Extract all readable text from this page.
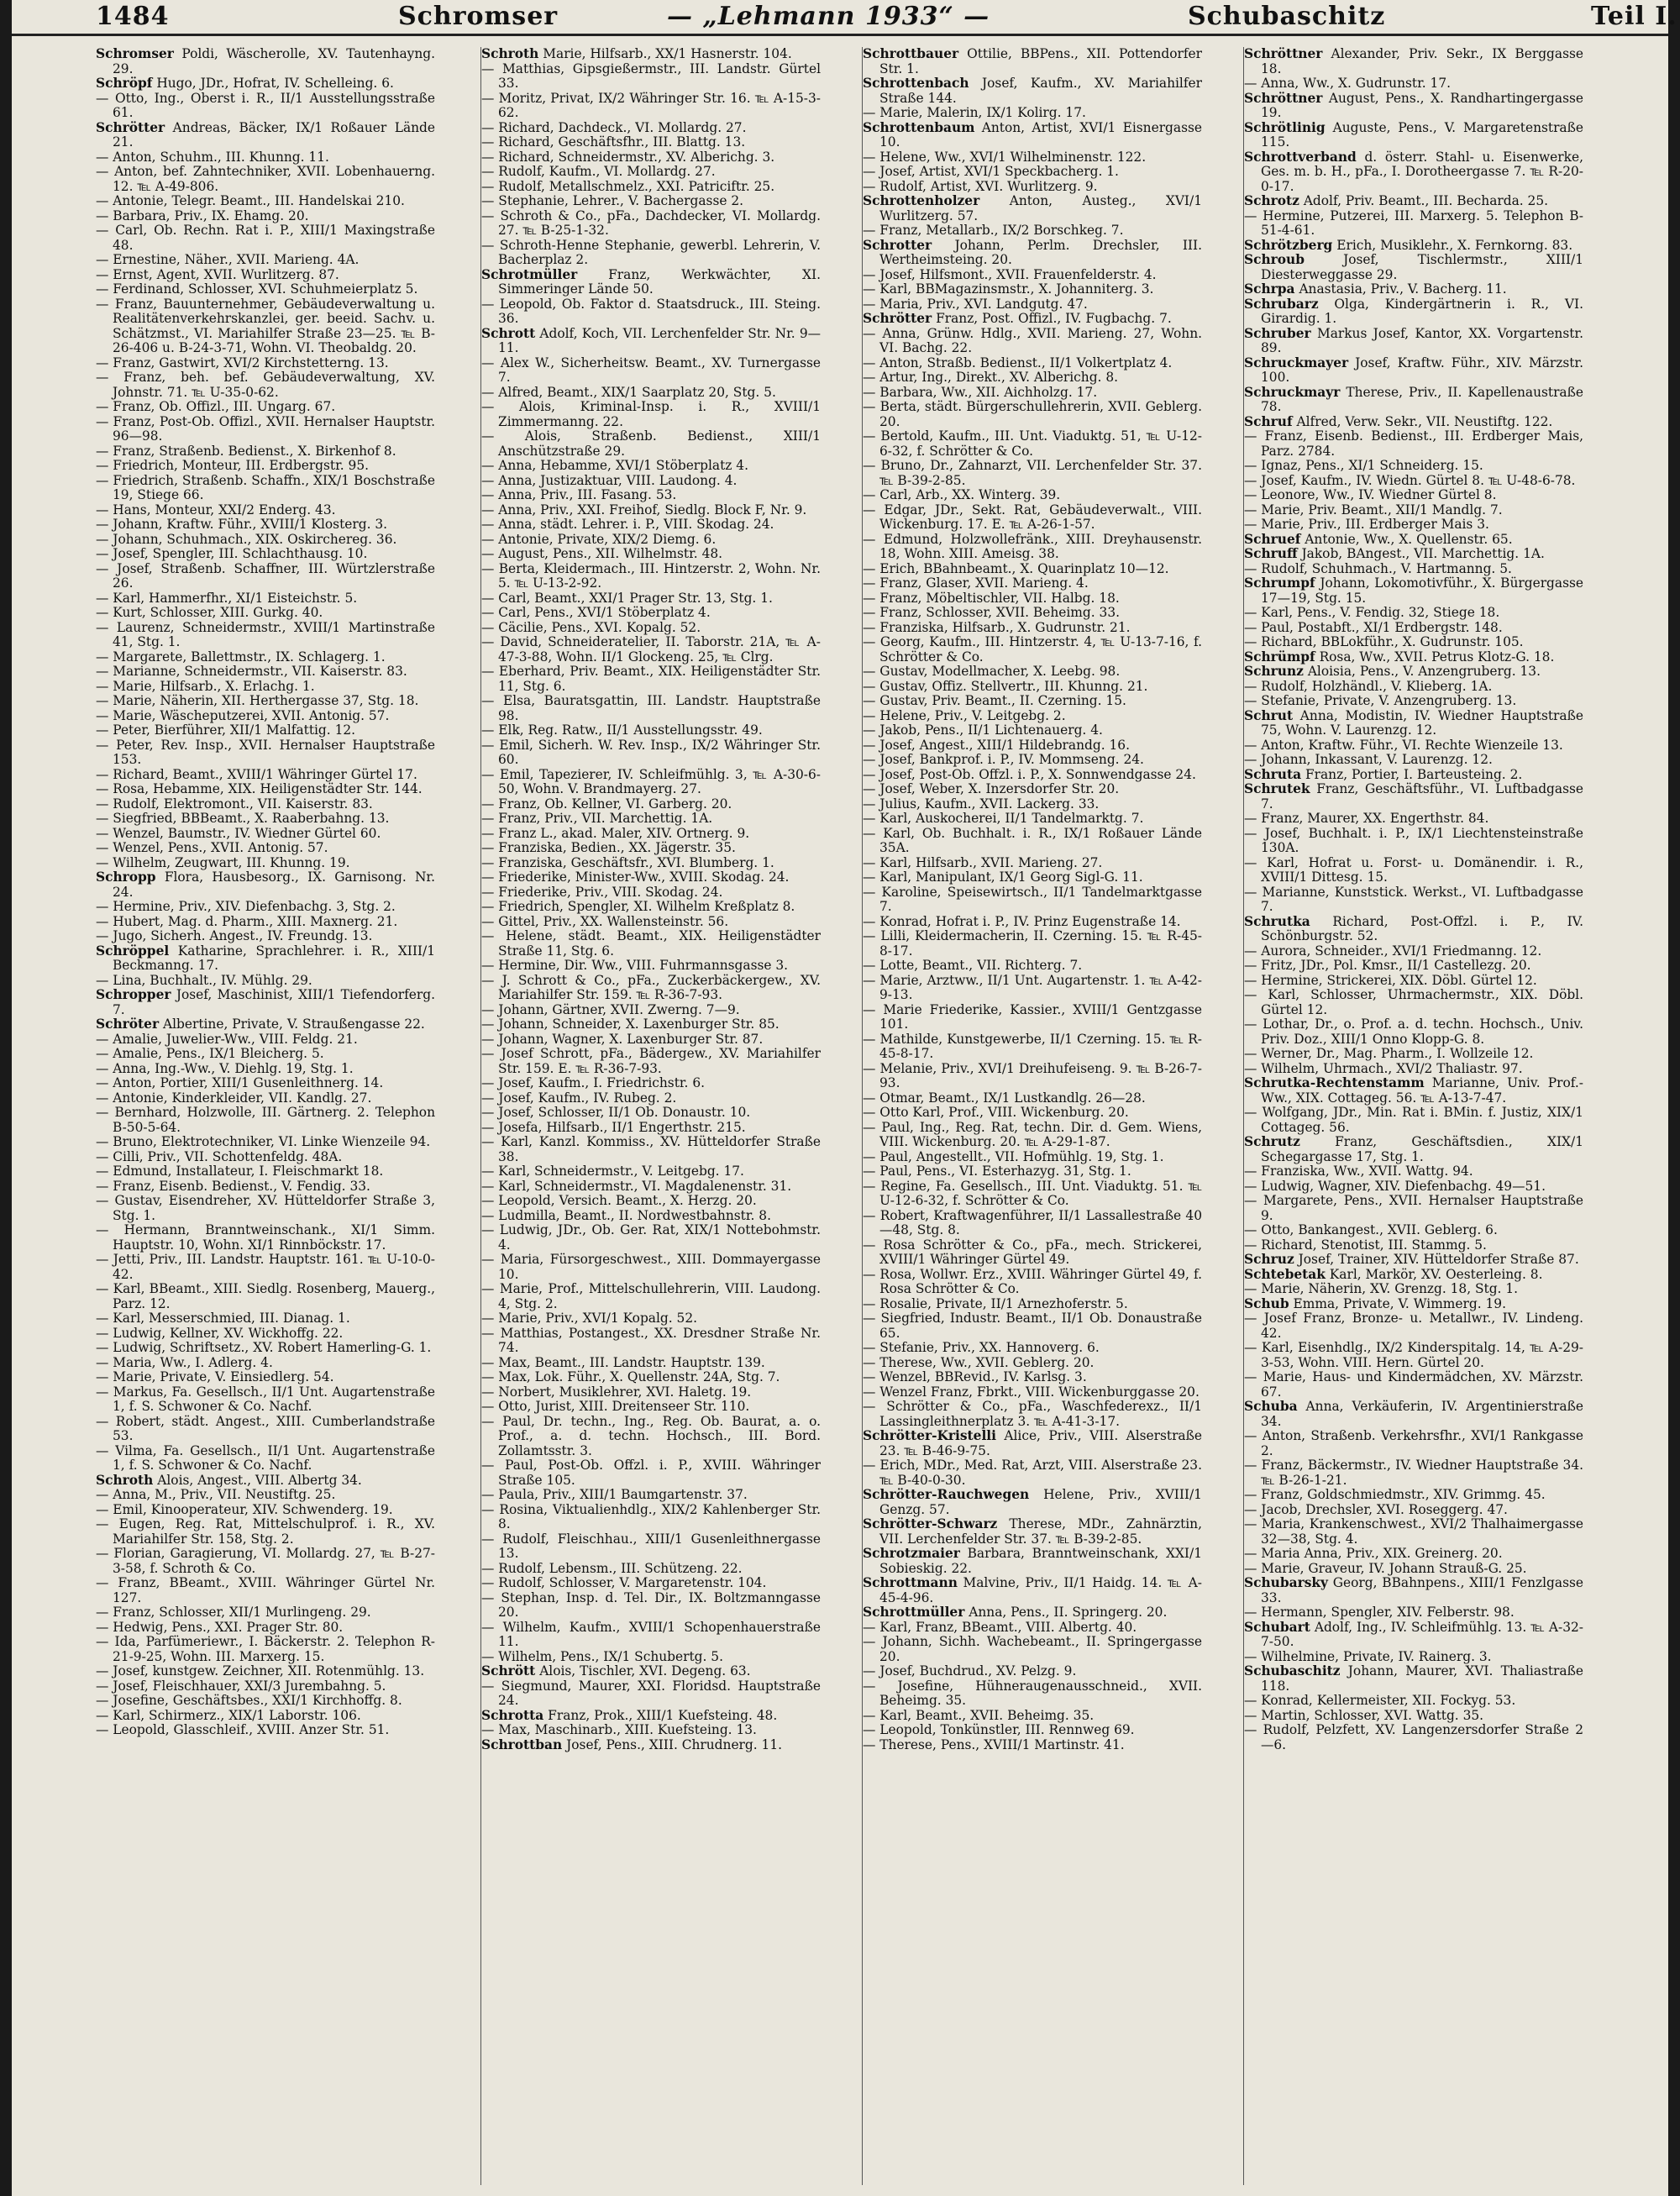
1484	Schromser	— „Lehmann 1933“ —	Schubaschitz	Teil I.
Schromser Poldi, Wäscherolle, XV. Tautenhayng. 29.
Schröpf Hugo, JDr., Hofrat, IV. Schelleing. 6.
— Otto, Ing., Oberst i. R., II/1 Ausstellungsstraße 61.
Schrötter Andreas, Bäcker, IX/1 Roßauer Lände 21.
— Anton, Schuhm., III. Khunng. 11.
— Anton, bef. Zahntechniker, XVII. Lobenhauerng. 12. ℡ A-49-806.
— Antonie, Telegr. Beamt., III. Handelskai 210.
— Barbara, Priv., IX. Ehamg. 20.
— Carl, Ob. Rechn. Rat i. P., XIII/1 Maxingstraße 48.
— Ernestine, Näher., XVII. Marieng. 4A.
— Ernst, Agent, XVII. Wurlitzerg. 87.
— Ferdinand, Schlosser, XVI. Schuhmeierplatz 5.
— Franz, Bauunternehmer, Gebäudeverwaltung u. Realitätenverkehrskanzlei, ger. beeid. Sachv. u. Schätzmst., VI. Mariahilfer Straße 23—25. ℡ B-26-406 u. B-24-3-71, Wohn. VI. Theobaldg. 20.
— Franz, Gastwirt, XVI/2 Kirchstetterng. 13.
— Franz, beh. bef. Gebäudeverwaltung, XV. Johnstr. 71. ℡ U-35-0-62.
— Franz, Ob. Offizl., III. Ungarg. 67.
— Franz, Post-Ob. Offizl., XVII. Hernalser Hauptstr. 96—98.
— Franz, Straßenb. Bedienst., X. Birkenhof 8.
— Friedrich, Monteur, III. Erdbergstr. 95.
— Friedrich, Straßenb. Schaffn., XIX/1 Boschstraße 19, Stiege 66.
— Hans, Monteur, XXI/2 Enderg. 43.
— Johann, Kraftw. Führ., XVIII/1 Klosterg. 3.
— Johann, Schuhmach., XIX. Oskirchereg. 36.
— Josef, Spengler, III. Schlachthausg. 10.
— Josef, Straßenb. Schaffner, III. Würtzlerstraße 26.
— Karl, Hammerfhr., XI/1 Eisteichstr. 5.
— Kurt, Schlosser, XIII. Gurkg. 40.
— Laurenz, Schneidermstr., XVIII/1 Martinstraße 41, Stg. 1.
— Margarete, Ballettmstr., IX. Schlagerg. 1.
— Marianne, Schneidermstr., VII. Kaiserstr. 83.
— Marie, Hilfsarb., X. Erlachg. 1.
— Marie, Näherin, XII. Herthergasse 37, Stg. 18.
— Marie, Wäscheputzerei, XVII. Antonig. 57.
— Peter, Bierführer, XII/1 Malfattig. 12.
— Peter, Rev. Insp., XVII. Hernalser Hauptstraße 153.
— Richard, Beamt., XVIII/1 Währinger Gürtel 17.
— Rosa, Hebamme, XIX. Heiligenstädter Str. 144.
— Rudolf, Elektromont., VII. Kaiserstr. 83.
— Siegfried, BBBeamt., X. Raaberbahng. 13.
— Wenzel, Baumstr., IV. Wiedner Gürtel 60.
— Wenzel, Pens., XVII. Antonig. 57.
— Wilhelm, Zeugwart, III. Khunng. 19.
Schropp Flora, Hausbesorg., IX. Garnisong. Nr. 24.
— Hermine, Priv., XIV. Diefenbachg. 3, Stg. 2.
— Hubert, Mag. d. Pharm., XIII. Maxnerg. 21.
— Jugo, Sicherh. Angest., IV. Freundg. 13.
Schröppel Katharine, Sprachlehrer. i. R., XIII/1 Beckmanng. 17.
— Lina, Buchhalt., IV. Mühlg. 29.
Schropper Josef, Maschinist, XIII/1 Tiefendorferg. 7.
Schröter Albertine, Private, V. Straußengasse 22.
— Amalie, Juwelier-Ww., VIII. Feldg. 21.
— Amalie, Pens., IX/1 Bleicherg. 5.
— Anna, Ing.-Ww., V. Diehlg. 19, Stg. 1.
— Anton, Portier, XIII/1 Gusenleithnerg. 14.
— Antonie, Kinderkleider, VII. Kandlg. 27.
— Bernhard, Holzwolle, III. Gärtnerg. 2. Telephon B-50-5-64.
— Bruno, Elektrotechniker, VI. Linke Wienzeile 94.
— Cilli, Priv., VII. Schottenfeldg. 48A.
— Edmund, Installateur, I. Fleischmarkt 18.
— Franz, Eisenb. Bedienst., V. Fendig. 33.
— Gustav, Eisendreher, XV. Hütteldorfer Straße 3, Stg. 1.
— Hermann, Branntweinschank., XI/1 Simm. Hauptstr. 10, Wohn. XI/1 Rinnböckstr. 17.
— Jetti, Priv., III. Landstr. Hauptstr. 161. ℡ U-10-0-42.
— Karl, BBeamt., XIII. Siedlg. Rosenberg, Mauerg., Parz. 12.
— Karl, Messerschmied, III. Dianag. 1.
— Ludwig, Kellner, XV. Wickhoffg. 22.
— Ludwig, Schriftsetz., XV. Robert Hamerling-G. 1.
— Maria, Ww., I. Adlerg. 4.
— Marie, Private, V. Einsiedlerg. 54.
— Markus, Fa. Gesellsch., II/1 Unt. Augartenstraße 1, f. S. Schwoner & Co. Nachf.
— Robert, städt. Angest., XIII. Cumberlandstraße 53.
— Vilma, Fa. Gesellsch., II/1 Unt. Augartenstraße 1, f. S. Schwoner & Co. Nachf.
Schroth Alois, Angest., VIII. Albertg 34.
— Anna, M., Priv., VII. Neustiftg. 25.
— Emil, Kinooperateur, XIV. Schwenderg. 19.
— Eugen, Reg. Rat, Mittelschulprof. i. R., XV. Mariahilfer Str. 158, Stg. 2.
— Florian, Garagierung, VI. Mollardg. 27, ℡ B-27-3-58, f. Schroth & Co.
— Franz, BBeamt., XVIII. Währinger Gürtel Nr. 127.
— Franz, Schlosser, XII/1 Murlingeng. 29.
— Hedwig, Pens., XXI. Prager Str. 80.
— Ida, Parfümeriewr., I. Bäckerstr. 2. Telephon R-21-9-25, Wohn. III. Marxerg. 15.
— Josef, kunstgew. Zeichner, XII. Rotenmühlg. 13.
— Josef, Fleischhauer, XXI/3 Jurembahng. 5.
— Josefine, Geschäftsbes., XXI/1 Kirchhoffg. 8.
— Karl, Schirmerz., XIX/1 Laborstr. 106.
— Leopold, Glasschleif., XVIII. Anzer Str. 51.
Schroth Marie, Hilfsarb., XX/1 Hasnerstr. 104.
— Matthias, Gipsgießermstr., III. Landstr. Gürtel 33.
— Moritz, Privat, IX/2 Währinger Str. 16. ℡ A-15-3-62.
— Richard, Dachdeck., VI. Mollardg. 27.
— Richard, Geschäftsfhr., III. Blattg. 13.
— Richard, Schneidermstr., XV. Alberichg. 3.
— Rudolf, Kaufm., VI. Mollardg. 27.
— Rudolf, Metallschmelz., XXI. Patriciftr. 25.
— Stephanie, Lehrer., V. Bachergasse 2.
— Schroth & Co., pFa., Dachdecker, VI. Mollardg. 27. ℡ B-25-1-32.
— Schroth-Henne Stephanie, gewerbl. Lehrerin, V. Bacherplaz 2.
Schrotmüller Franz, Werkwächter, XI. Simmeringer Lände 50.
— Leopold, Ob. Faktor d. Staatsdruck., III. Steing. 36.
Schrott Adolf, Koch, VII. Lerchenfelder Str. Nr. 9—11.
— Alex W., Sicherheitsw. Beamt., XV. Turnergasse 7.
— Alfred, Beamt., XIX/1 Saarplatz 20, Stg. 5.
— Alois, Kriminal-Insp. i. R., XVIII/1 Zimmermanng. 22.
— Alois, Straßenb. Bedienst., XIII/1 Anschützstraße 29.
— Anna, Hebamme, XVI/1 Stöberplatz 4.
— Anna, Justizaktuar, VIII. Laudong. 4.
— Anna, Priv., III. Fasang. 53.
— Anna, Priv., XXI. Freihof, Siedlg. Block F, Nr. 9.
— Anna, städt. Lehrer. i. P., VIII. Skodag. 24.
— Antonie, Private, XIX/2 Diemg. 6.
— August, Pens., XII. Wilhelmstr. 48.
— Berta, Kleidermach., III. Hintzerstr. 2, Wohn. Nr. 5. ℡ U-13-2-92.
— Carl, Beamt., XXI/1 Prager Str. 13, Stg. 1.
— Carl, Pens., XVI/1 Stöberplatz 4.
— Cäcilie, Pens., XVI. Kopalg. 52.
— David, Schneideratelier, II. Taborstr. 21A, ℡ A-47-3-88, Wohn. II/1 Glockeng. 25, ℡ Clrg.
— Eberhard, Priv. Beamt., XIX. Heiligenstädter Str. 11, Stg. 6.
— Elsa, Bauratsgattin, III. Landstr. Hauptstraße 98.
— Elk, Reg. Ratw., II/1 Ausstellungsstr. 49.
— Emil, Sicherh. W. Rev. Insp., IX/2 Währinger Str. 60.
— Emil, Tapezierer, IV. Schleifmühlg. 3, ℡ A-30-6-50, Wohn. V. Brandmayerg. 27.
— Franz, Ob. Kellner, VI. Garberg. 20.
— Franz, Priv., VII. Marchettig. 1A.
— Franz L., akad. Maler, XIV. Ortnerg. 9.
— Franziska, Bedien., XX. Jägerstr. 35.
— Franziska, Geschäftsfr., XVI. Blumberg. 1.
— Friederike, Minister-Ww., XVIII. Skodag. 24.
— Friederike, Priv., VIII. Skodag. 24.
— Friedrich, Spengler, XI. Wilhelm Kreßplatz 8.
— Gittel, Priv., XX. Wallensteinstr. 56.
— Helene, städt. Beamt., XIX. Heiligenstädter Straße 11, Stg. 6.
— Hermine, Dir. Ww., VIII. Fuhrmannsgasse 3.
— J. Schrott & Co., pFa., Zuckerbäckergew., XV. Mariahilfer Str. 159. ℡ R-36-7-93.
— Johann, Gärtner, XVII. Zwerng. 7—9.
— Johann, Schneider, X. Laxenburger Str. 85.
— Johann, Wagner, X. Laxenburger Str. 87.
— Josef Schrott, pFa., Bädergew., XV. Mariahilfer Str. 159. E. ℡ R-36-7-93.
— Josef, Kaufm., I. Friedrichstr. 6.
— Josef, Kaufm., IV. Rubeg. 2.
— Josef, Schlosser, II/1 Ob. Donaustr. 10.
— Josefa, Hilfsarb., II/1 Engerthstr. 215.
— Karl, Kanzl. Kommiss., XV. Hütteldorfer Straße 38.
— Karl, Schneidermstr., V. Leitgebg. 17.
— Karl, Schneidermstr., VI. Magdalenenstr. 31.
— Leopold, Versich. Beamt., X. Herzg. 20.
— Ludmilla, Beamt., II. Nordwestbahnstr. 8.
— Ludwig, JDr., Ob. Ger. Rat, XIX/1 Nottebohmstr. 4.
— Maria, Fürsorgeschwest., XIII. Dommayergasse 10.
— Marie, Prof., Mittelschullehrerin, VIII. Laudong. 4, Stg. 2.
— Marie, Priv., XVI/1 Kopalg. 52.
— Matthias, Postangest., XX. Dresdner Straße Nr. 74.
— Max, Beamt., III. Landstr. Hauptstr. 139.
— Max, Lok. Führ., X. Quellenstr. 24A, Stg. 7.
— Norbert, Musiklehrer, XVI. Haletg. 19.
— Otto, Jurist, XIII. Dreitenseer Str. 110.
— Paul, Dr. techn., Ing., Reg. Ob. Baurat, a. o. Prof., a. d. techn. Hochsch., III. Bord. Zollamtsstr. 3.
— Paul, Post-Ob. Offzl. i. P., XVIII. Währinger Straße 105.
— Paula, Priv., XIII/1 Baumgartenstr. 37.
— Rosina, Viktualienhdlg., XIX/2 Kahlenberger Str. 8.
— Rudolf, Fleischhau., XIII/1 Gusenleithnergasse 13.
— Rudolf, Lebensm., III. Schützeng. 22.
— Rudolf, Schlosser, V. Margaretenstr. 104.
— Stephan, Insp. d. Tel. Dir., IX. Boltzmanngasse 20.
— Wilhelm, Kaufm., XVIII/1 Schopenhauerstraße 11.
— Wilhelm, Pens., IX/1 Schubertg. 5.
Schrött Alois, Tischler, XVI. Degeng. 63.
— Siegmund, Maurer, XXI. Floridsd. Hauptstraße 24.
Schrotta Franz, Prok., XIII/1 Kuefsteing. 48.
— Max, Maschinarb., XIII. Kuefsteing. 13.
Schrottban Josef, Pens., XIII. Chrudnerg. 11.
Schrottbauer Ottilie, BBPens., XII. Pottendorfer Str. 1.
Schrottenbach Josef, Kaufm., XV. Mariahilfer Straße 144.
— Marie, Malerin, IX/1 Kolirg. 17.
Schrottenbaum Anton, Artist, XVI/1 Eisnergasse 10.
— Helene, Ww., XVI/1 Wilhelminenstr. 122.
— Josef, Artist, XVI/1 Speckbacherg. 1.
— Rudolf, Artist, XVI. Wurlitzerg. 9.
Schrottenholzer Anton, Austeg., XVI/1 Wurlitzerg. 57.
— Franz, Metallarb., IX/2 Borschkeg. 7.
Schrotter Johann, Perlm. Drechsler, III. Wertheimsteing. 20.
— Josef, Hilfsmont., XVII. Frauenfelderstr. 4.
— Karl, BBMagazinsmstr., X. Johanniterg. 3.
— Maria, Priv., XVI. Landgutg. 47.
Schrötter Franz, Post. Offizl., IV. Fugbachg. 7.
— Anna, Grünw. Hdlg., XVII. Marieng. 27, Wohn. VI. Bachg. 22.
— Anton, Straßb. Bedienst., II/1 Volkertplatz 4.
— Artur, Ing., Direkt., XV. Alberichg. 8.
— Barbara, Ww., XII. Aichholzg. 17.
— Berta, städt. Bürgerschullehrerin, XVII. Geblerg. 20.
— Bertold, Kaufm., III. Unt. Viaduktg. 51, ℡ U-12-6-32, f. Schrötter & Co.
— Bruno, Dr., Zahnarzt, VII. Lerchenfelder Str. 37. ℡ B-39-2-85.
— Carl, Arb., XX. Winterg. 39.
— Edgar, JDr., Sekt. Rat, Gebäudeverwalt., VIII. Wickenburg. 17. E. ℡ A-26-1-57.
— Edmund, Holzwollefränk., XIII. Dreyhausenstr. 18, Wohn. XIII. Ameisg. 38.
— Erich, BBahnbeamt., X. Quarinplatz 10—12.
— Franz, Glaser, XVII. Marieng. 4.
— Franz, Möbeltischler, VII. Halbg. 18.
— Franz, Schlosser, XVII. Beheimg. 33.
— Franziska, Hilfsarb., X. Gudrunstr. 21.
— Georg, Kaufm., III. Hintzerstr. 4, ℡ U-13-7-16, f. Schrötter & Co.
— Gustav, Modellmacher, X. Leebg. 98.
— Gustav, Offiz. Stellvertr., III. Khunng. 21.
— Gustav, Priv. Beamt., II. Czerning. 15.
— Helene, Priv., V. Leitgebg. 2.
— Jakob, Pens., II/1 Lichtenauerg. 4.
— Josef, Angest., XIII/1 Hildebrandg. 16.
— Josef, Bankprof. i. P., IV. Mommseng. 24.
— Josef, Post-Ob. Offzl. i. P., X. Sonnwendgasse 24.
— Josef, Weber, X. Inzersdorfer Str. 20.
— Julius, Kaufm., XVII. Lackerg. 33.
— Karl, Auskocherei, II/1 Tandelmarktg. 7.
— Karl, Ob. Buchhalt. i. R., IX/1 Roßauer Lände 35A.
— Karl, Hilfsarb., XVII. Marieng. 27.
— Karl, Manipulant, IX/1 Georg Sigl-G. 11.
— Karoline, Speisewirtsch., II/1 Tandelmarktgasse 7.
— Konrad, Hofrat i. P., IV. Prinz Eugenstraße 14.
— Lilli, Kleidermacherin, II. Czerning. 15. ℡ R-45-8-17.
— Lotte, Beamt., VII. Richterg. 7.
— Marie, Arztww., II/1 Unt. Augartenstr. 1. ℡ A-42-9-13.
— Marie Friederike, Kassier., XVIII/1 Gentzgasse 101.
— Mathilde, Kunstgewerbe, II/1 Czerning. 15. ℡ R-45-8-17.
— Melanie, Priv., XVI/1 Dreihufeiseng. 9. ℡ B-26-7-93.
— Otmar, Beamt., IX/1 Lustkandlg. 26—28.
— Otto Karl, Prof., VIII. Wickenburg. 20.
— Paul, Ing., Reg. Rat, techn. Dir. d. Gem. Wiens, VIII. Wickenburg. 20. ℡ A-29-1-87.
— Paul, Angestellt., VII. Hofmühlg. 19, Stg. 1.
— Paul, Pens., VI. Esterhazyg. 31, Stg. 1.
— Regine, Fa. Gesellsch., III. Unt. Viaduktg. 51. ℡ U-12-6-32, f. Schrötter & Co.
— Robert, Kraftwagenführer, II/1 Lassallestraße 40—48, Stg. 8.
— Rosa Schrötter & Co., pFa., mech. Strickerei, XVIII/1 Währinger Gürtel 49.
— Rosa, Wollwr. Erz., XVIII. Währinger Gürtel 49, f. Rosa Schrötter & Co.
— Rosalie, Private, II/1 Arnezhoferstr. 5.
— Siegfried, Industr. Beamt., II/1 Ob. Donaustraße 65.
— Stefanie, Priv., XX. Hannoverg. 6.
— Therese, Ww., XVII. Geblerg. 20.
— Wenzel, BBRevid., IV. Karlsg. 3.
— Wenzel Franz, Fbrkt., VIII. Wickenburggasse 20.
— Schrötter & Co., pFa., Waschfederexz., II/1 Lassingleithnerplatz 3. ℡ A-41-3-17.
Schrötter-Kristelli Alice, Priv., VIII. Alserstraße 23. ℡ B-46-9-75.
— Erich, MDr., Med. Rat, Arzt, VIII. Alserstraße 23. ℡ B-40-0-30.
Schrötter-Rauchwegen Helene, Priv., XVIII/1 Genzg. 57.
Schrötter-Schwarz Therese, MDr., Zahnärztin, VII. Lerchenfelder Str. 37. ℡ B-39-2-85.
Schrotzmaier Barbara, Branntweinschank, XXI/1 Sobieskig. 22.
Schrottmann Malvine, Priv., II/1 Haidg. 14. ℡ A-45-4-96.
Schrottmüller Anna, Pens., II. Springerg. 20.
— Karl, Franz, BBeamt., VIII. Albertg. 40.
— Johann, Sichh. Wachebeamt., II. Springergasse 20.
— Josef, Buchdrud., XV. Pelzg. 9.
— Josefine, Hühneraugenausschneid., XVII. Beheimg. 35.
— Karl, Beamt., XVII. Beheimg. 35.
— Leopold, Tonkünstler, III. Rennweg 69.
— Therese, Pens., XVIII/1 Martinstr. 41.
Schröttner Alexander, Priv. Sekr., IX Berggasse 18.
— Anna, Ww., X. Gudrunstr. 17.
Schröttner August, Pens., X. Randhartingergasse 19.
Schrötlinig Auguste, Pens., V. Margaretenstraße 115.
Schrottverband d. österr. Stahl- u. Eisenwerke, Ges. m. b. H., pFa., I. Dorotheergasse 7. ℡ R-20-0-17.
Schrotz Adolf, Priv. Beamt., III. Becharda. 25.
— Hermine, Putzerei, III. Marxerg. 5. Telephon B-51-4-61.
Schrötzberg Erich, Musiklehr., X. Fernkorng. 83.
Schroub	Josef, Tischlermstr., XIII/1 Diesterweggasse 29.
Schrpa Anastasia, Priv., V. Bacherg. 11.
Schrubarz Olga, Kindergärtnerin i. R., VI. Girardig. 1.
Schruber Markus Josef, Kantor, XX. Vorgartenstr. 89.
Schruckmayer Josef, Kraftw. Führ., XIV. Märzstr. 100.
Schruckmayr Therese, Priv., II. Kapellenaustraße 78.
Schruf Alfred, Verw. Sekr., VII. Neustiftg. 122.
— Franz, Eisenb. Bedienst., III. Erdberger Mais, Parz. 2784.
— Ignaz, Pens., XI/1 Schneiderg. 15.
— Josef, Kaufm., IV. Wiedn. Gürtel 8. ℡ U-48-6-78.
— Leonore, Ww., IV. Wiedner Gürtel 8.
— Marie, Priv. Beamt., XII/1 Mandlg. 7.
— Marie, Priv., III. Erdberger Mais 3.
Schruef Antonie, Ww., X. Quellenstr. 65.
Schruff Jakob, BAngest., VII. Marchettig. 1A.
— Rudolf, Schuhmach., V. Hartmanng. 5.
Schrumpf Johann, Lokomotivführ., X. Bürgergasse 17—19, Stg. 15.
— Karl, Pens., V. Fendig. 32, Stiege 18.
— Paul, Postabft., XI/1 Erdbergstr. 148.
— Richard, BBLokführ., X. Gudrunstr. 105.
Schrümpf Rosa, Ww., XVII. Petrus Klotz-G. 18.
Schrunz Aloisia, Pens., V. Anzengruberg. 13.
— Rudolf, Holzhändl., V. Klieberg. 1A.
— Stefanie, Private, V. Anzengruberg. 13.
Schrut Anna, Modistin, IV. Wiedner Hauptstraße 75, Wohn. V. Laurenzg. 12.
— Anton, Kraftw. Führ., VI. Rechte Wienzeile 13.
— Johann, Inkassant, V. Laurenzg. 12.
Schruta Franz, Portier, I. Barteusteing. 2.
Schrutek Franz, Geschäftsführ., VI. Luftbadgasse 7.
— Franz, Maurer, XX. Engerthstr. 84.
— Josef, Buchhalt. i. P., IX/1 Liechtensteinstraße 130A.
— Karl, Hofrat u. Forst- u. Domänendir. i. R., XVIII/1 Dittesg. 15.
— Marianne, Kunststick. Werkst., VI. Luftbadgasse 7.
Schrutka Richard, Post-Offzl. i. P., IV. Schönburgstr. 52.
— Aurora, Schneider., XVI/1 Friedmanng. 12.
— Fritz, JDr., Pol. Kmsr., II/1 Castellezg. 20.
— Hermine, Strickerei, XIX. Döbl. Gürtel 12.
— Karl, Schlosser, Uhrmachermstr., XIX. Döbl. Gürtel 12.
— Lothar, Dr., o. Prof. a. d. techn. Hochsch., Univ. Priv. Doz., XIII/1 Onno Klopp-G. 8.
— Werner, Dr., Mag. Pharm., I. Wollzeile 12.
— Wilhelm, Uhrmach., XVI/2 Thaliastr. 97.
Schrutka-Rechtenstamm Marianne, Univ. Prof.-Ww., XIX. Cottageg. 56. ℡ A-13-7-47.
— Wolfgang, JDr., Min. Rat i. BMin. f. Justiz, XIX/1 Cottageg. 56.
Schrutz	Franz, Geschäftsdien., XIX/1 Schegargasse 17, Stg. 1.
— Franziska, Ww., XVII. Wattg. 94.
— Ludwig, Wagner, XIV. Diefenbachg. 49—51.
— Margarete, Pens., XVII. Hernalser Hauptstraße 9.
— Otto, Bankangest., XVII. Geblerg. 6.
— Richard, Stenotist, III. Stammg. 5.
Schruz Josef, Trainer, XIV. Hütteldorfer Straße 87.
Schtebetak Karl, Markör, XV. Oesterleing. 8.
— Marie, Näherin, XV. Grenzg. 18, Stg. 1.
Schub Emma, Private, V. Wimmerg. 19.
— Josef Franz, Bronze- u. Metallwr., IV. Lindeng. 42.
— Karl, Eisenhdlg., IX/2 Kinderspitalg. 14, ℡ A-29-3-53, Wohn. VIII. Hern. Gürtel 20.
— Marie, Haus- und Kindermädchen, XV. Märzstr. 67.
Schuba Anna, Verkäuferin, IV. Argentinierstraße 34.
— Anton, Straßenb. Verkehrsfhr., XVI/1 Rankgasse 2.
— Franz, Bäckermstr., IV. Wiedner Hauptstraße 34. ℡ B-26-1-21.
— Franz, Goldschmiedmstr., XIV. Grimmg. 45.
— Jacob, Drechsler, XVI. Roseggerg. 47.
— Maria, Krankenschwest., XVI/2 Thalhaimergasse 32—38, Stg. 4.
— Maria Anna, Priv., XIX. Greinerg. 20.
— Marie, Graveur, IV. Johann Strauß-G. 25.
Schubarsky Georg, BBahnpens., XIII/1 Fenzlgasse 33.
— Hermann, Spengler, XIV. Felberstr. 98.
Schubart Adolf, Ing., IV. Schleifmühlg. 13. ℡ A-32-7-50.
— Wilhelmine, Private, IV. Rainerg. 3.
Schubaschitz Johann, Maurer, XVI. Thaliastraße 118.
— Konrad, Kellermeister, XII. Fockyg. 53.
— Martin, Schlosser, XVI. Wattg. 35.
— Rudolf, Pelzfett, XV. Langenzersdorfer Straße 2—6.
